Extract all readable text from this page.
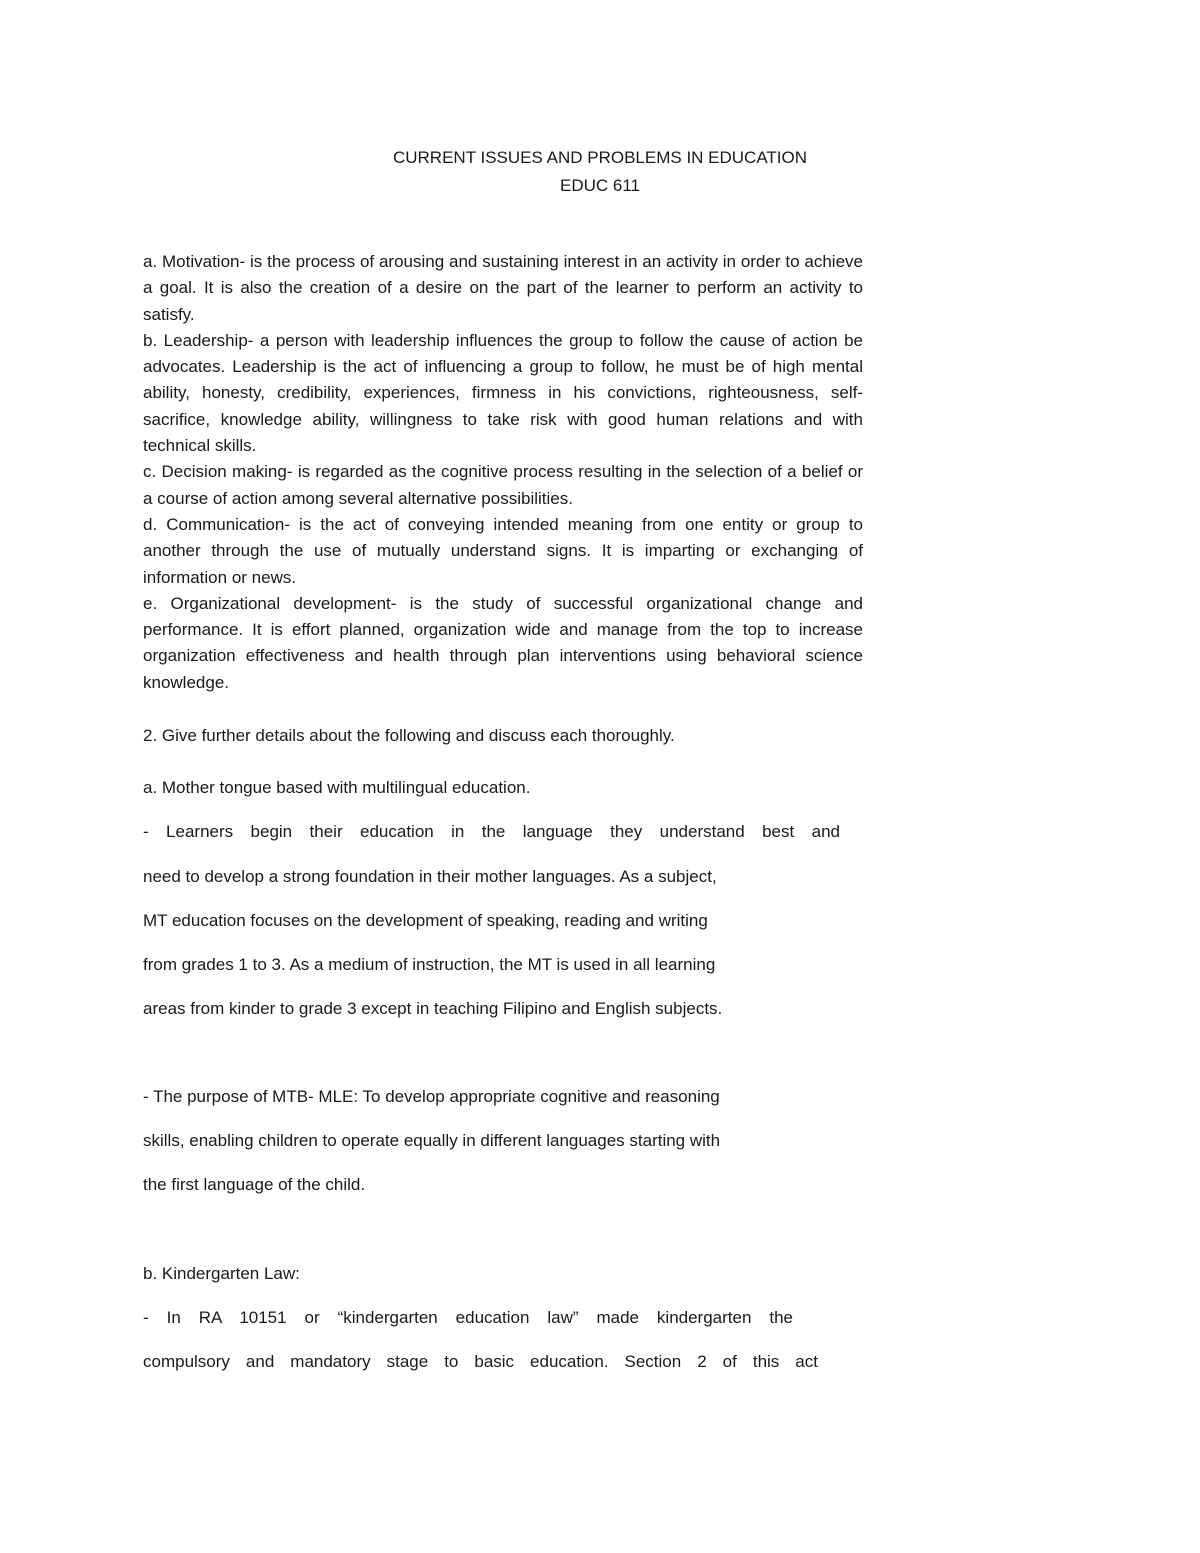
CURRENT ISSUES AND PROBLEMS IN EDUCATION
EDUC 611

a. Motivation- is the process of arousing and sustaining interest in an activity in order to achieve a goal. It is also the creation of a desire on the part of the learner to perform an activity to satisfy.

b. Leadership- a person with leadership influences the group to follow the cause of action be advocates. Leadership is the act of influencing a group to follow, he must be of high mental ability, honesty, credibility, experiences, firmness in his convictions, righteousness, self- sacrifice, knowledge ability, willingness to take risk with good human relations and with technical skills.

c. Decision making- is regarded as the cognitive process resulting in the selection of a belief or a course of action among several alternative possibilities.

d. Communication- is the act of conveying intended meaning from one entity or group to another through the use of mutually understand signs. It is imparting or exchanging of information or news.

e. Organizational development- is the study of successful organizational change and performance. It is effort planned, organization wide and manage from the top to increase organization effectiveness and health through plan interventions using behavioral science knowledge.

2. Give further details about the following and discuss each thoroughly.
a. Mother tongue based with multilingual education.
- Learners begin their education in the language they understand best and
need to develop a strong foundation in their mother languages. As a subject,
MT education focuses on the development of speaking, reading and writing
from grades 1 to 3. As a medium of instruction, the MT is used in all learning
areas from kinder to grade 3 except in teaching Filipino and English subjects.
- The purpose of MTB- MLE: To develop appropriate cognitive and reasoning
skills, enabling children to operate equally in different languages starting with
the first language of the child.
b. Kindergarten Law:
- In RA 10151 or “kindergarten education law” made kindergarten the
compulsory and mandatory stage to basic education. Section 2 of this act
